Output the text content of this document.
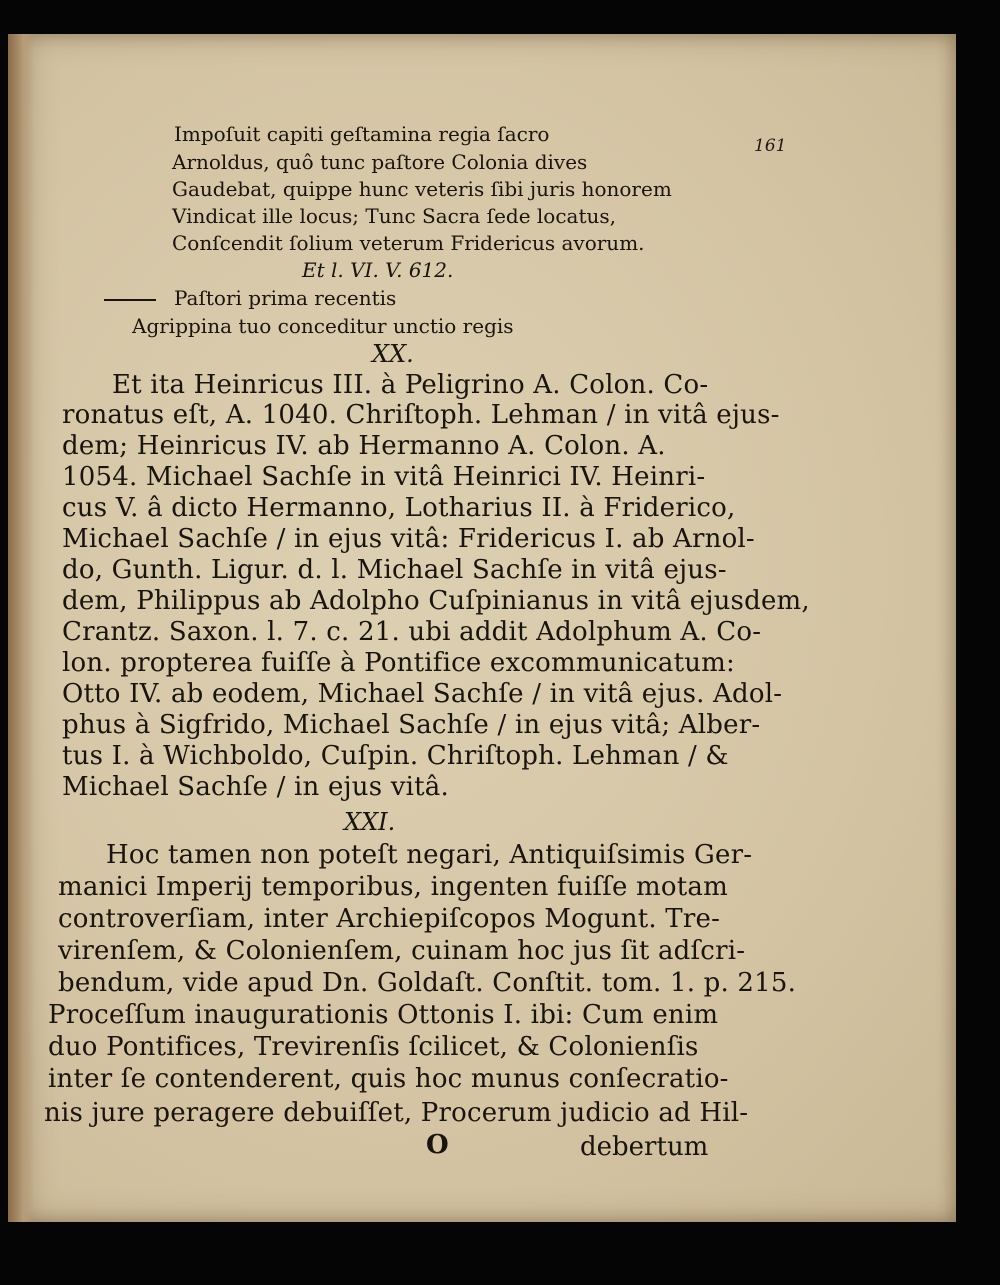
161
Impoſuit capiti geſtamina regia ſacro
Arnoldus, quô tunc paſtore Colonia dives
Gaudebat, quippe hunc veteris ſibi juris honorem
Vindicat ille locus; Tunc Sacra ſede locatus,
Conſcendit ſolium veterum Fridericus avorum.
Et l. VI. V. 612.
Paſtori prima recentis
Agrippina tuo conceditur unctio regis
XX.
Et ita Heinricus III. à Peligrino A. Colon. Co-
ronatus eſt, A. 1040. Chriſtoph. Lehman / in vitâ ejus-
dem; Heinricus IV. ab Hermanno A. Colon. A.
1054. Michael Sachſe in vitâ Heinrici IV. Heinri-
cus V. â dicto Hermanno, Lotharius II. à Friderico,
Michael Sachſe / in ejus vitâ: Fridericus I. ab Arnol-
do, Gunth. Ligur. d. l. Michael Sachſe in vitâ ejus-
dem, Philippus ab Adolpho Cuſpinianus in vitâ ejusdem,
Crantz. Saxon. l. 7. c. 21. ubi addit Adolphum A. Co-
lon. propterea fuiſſe à Pontifice excommunicatum:
Otto IV. ab eodem, Michael Sachſe / in vitâ ejus. Adol-
phus à Sigfrido, Michael Sachſe / in ejus vitâ; Alber-
tus I. à Wichboldo, Cuſpin. Chriſtoph. Lehman / &
Michael Sachſe / in ejus vitâ.
XXI.
Hoc tamen non poteſt negari, Antiquiſsimis Ger-
manici Imperij temporibus, ingenten fuiſſe motam
controverſiam, inter Archiepiſcopos Mogunt. Tre-
virenſem, & Colonienſem, cuinam hoc jus ſit adſcri-
bendum, vide apud Dn. Goldaſt. Conſtit. tom. 1. p. 215.
Proceſſum inaugurationis Ottonis I. ibi: Cum enim
duo Pontifices, Trevirenſis ſcilicet, & Colonienſis
inter ſe contenderent, quis hoc munus conſecratio-
nis jure peragere debuiſſet, Procerum judicio ad Hil-
O	debertum
